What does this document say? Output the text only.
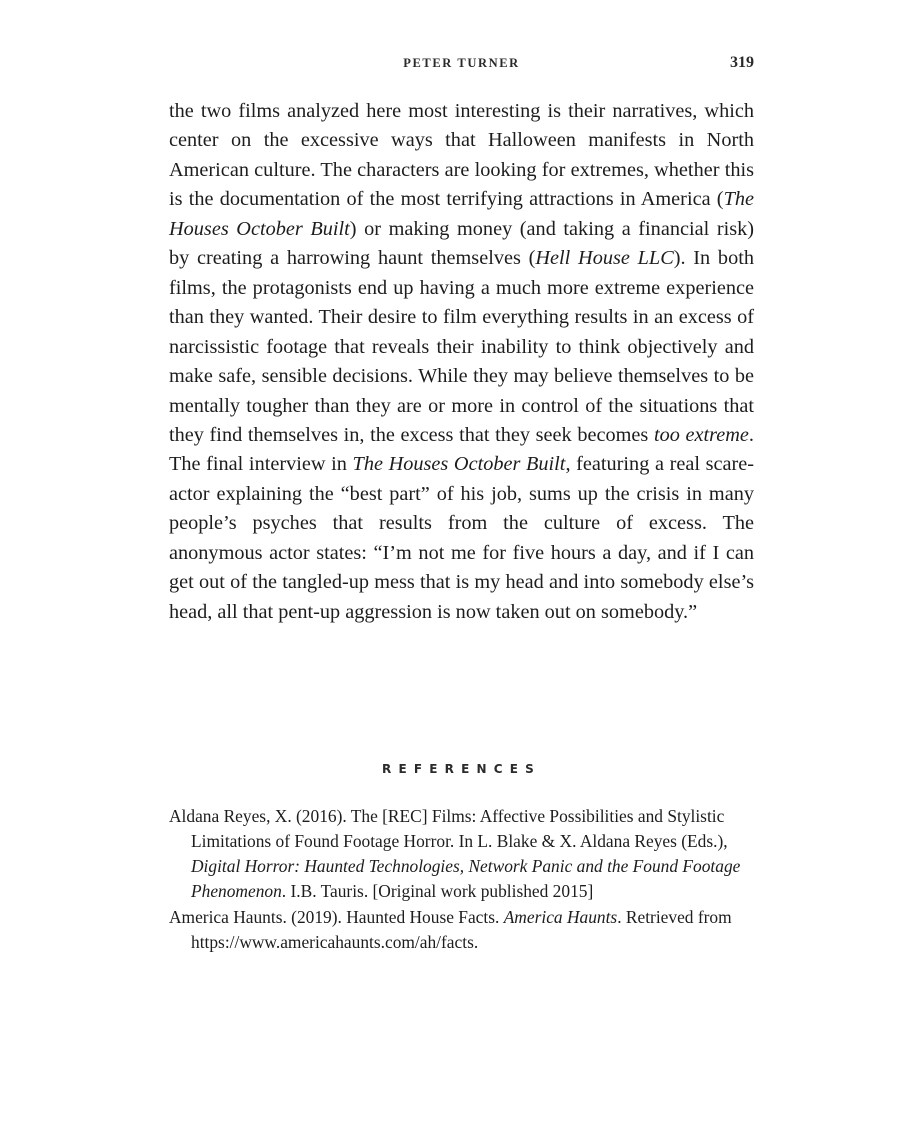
PETER TURNER	319

the two films analyzed here most interesting is their narratives, which center on the excessive ways that Halloween manifests in North American culture. The characters are looking for extremes, whether this is the documentation of the most terrifying attractions in America (The Houses October Built) or making money (and taking a financial risk) by creating a harrowing haunt themselves (Hell House LLC). In both films, the protagonists end up having a much more extreme experience than they wanted. Their desire to film everything results in an excess of narcissistic footage that reveals their inability to think objectively and make safe, sensible decisions. While they may believe themselves to be mentally tougher than they are or more in control of the situations that they find themselves in, the excess that they seek becomes too extreme. The final interview in The Houses October Built, featuring a real scare-actor explaining the “best part” of his job, sums up the crisis in many people’s psyches that results from the culture of excess. The anonymous actor states: “I’m not me for five hours a day, and if I can get out of the tangled-up mess that is my head and into somebody else’s head, all that pent-up aggression is now taken out on somebody.”

REFERENCES
Aldana Reyes, X. (2016). The [REC] Films: Affective Possibilities and Stylistic Limitations of Found Footage Horror. In L. Blake & X. Aldana Reyes (Eds.), Digital Horror: Haunted Technologies, Network Panic and the Found Footage Phenomenon. I.B. Tauris. [Original work published 2015]
America Haunts. (2019). Haunted House Facts. America Haunts. Retrieved from https://www.americahaunts.com/ah/facts.
